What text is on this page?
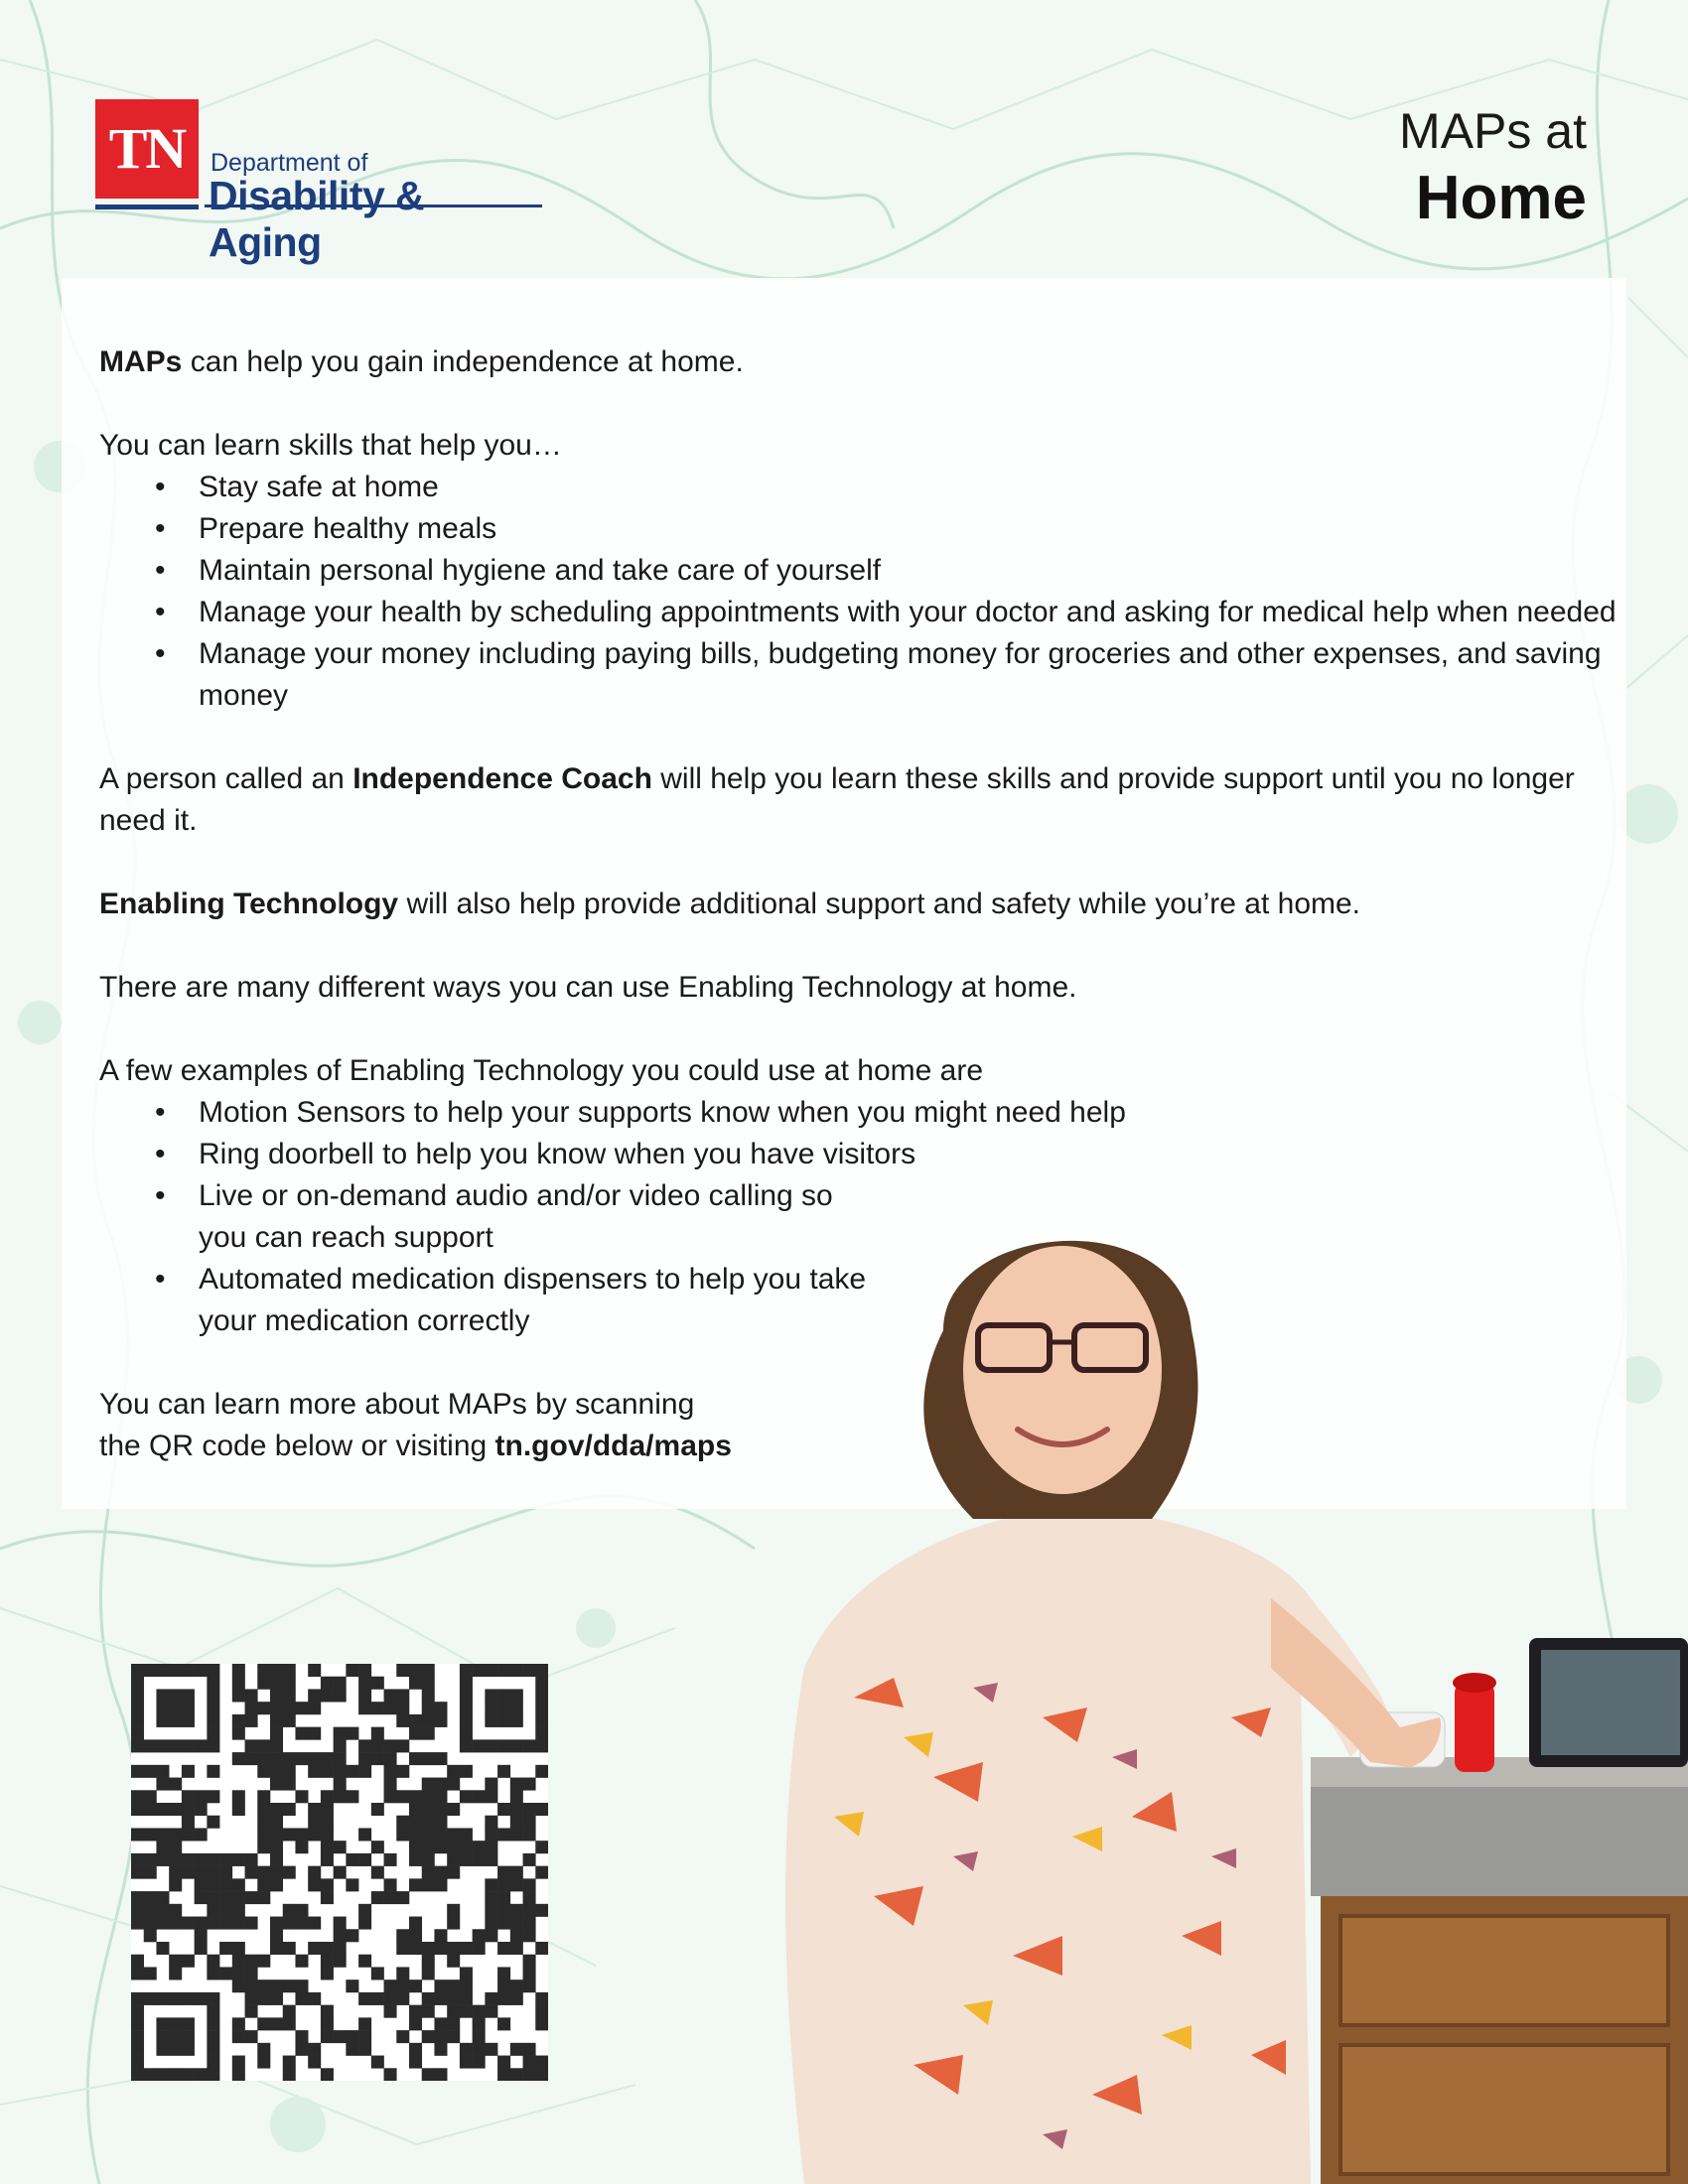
TN	Department of
Disability & Aging
MAPs at
Home

MAPs can help you gain independence at home.

You can learn skills that help you…

• Stay safe at home
• Prepare healthy meals
• Maintain personal hygiene and take care of yourself
• Manage your health by scheduling appointments with your doctor and asking for medical help when needed
• Manage your money including paying bills, budgeting money for groceries and other expenses, and saving money

A person called an Independence Coach will help you learn these skills and provide support until you no longer need it.

Enabling Technology will also help provide additional support and safety while you’re at home.

There are many different ways you can use Enabling Technology at home.

A few examples of Enabling Technology you could use at home are

• Motion Sensors to help your supports know when you might need help
• Ring doorbell to help you know when you have visitors
• Live or on-demand audio and/or video calling so you can reach support
• Automated medication dispensers to help you take your medication correctly

You can learn more about MAPs by scanning

the QR code below or visiting tn.gov/dda/maps
